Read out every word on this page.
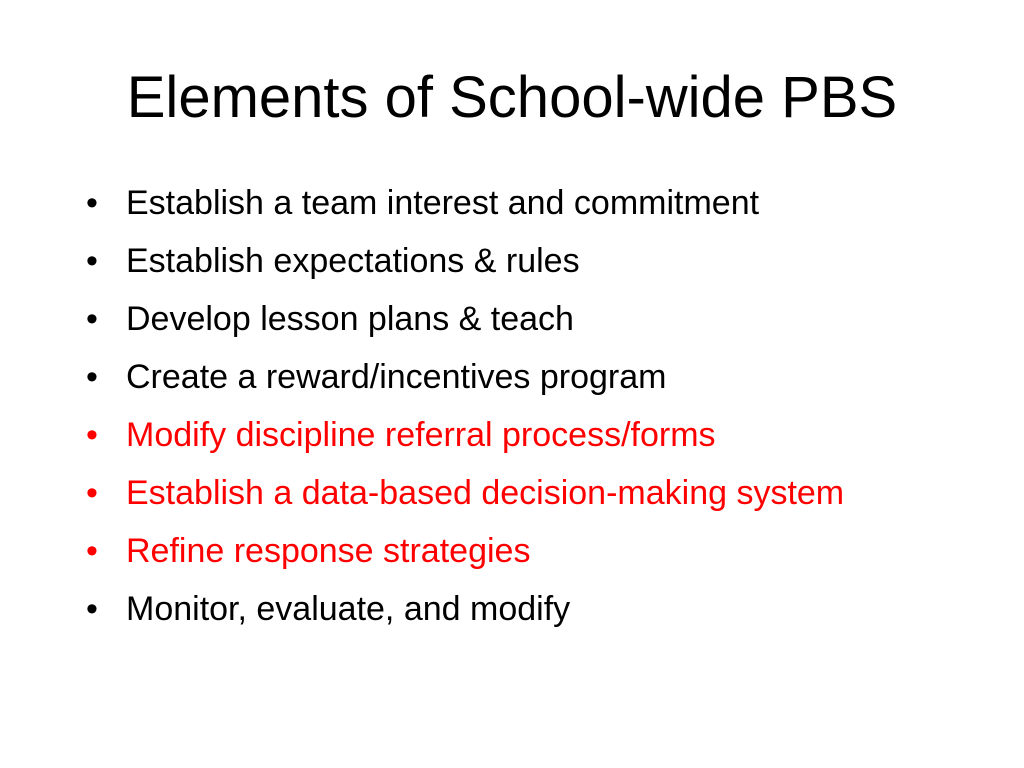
Elements of School-wide PBS
• Establish a team interest and commitment
• Establish expectations & rules
• Develop lesson plans & teach
• Create a reward/incentives program
• Modify discipline referral process/forms
• Establish a data-based decision-making system
• Refine response strategies
• Monitor, evaluate, and modify
